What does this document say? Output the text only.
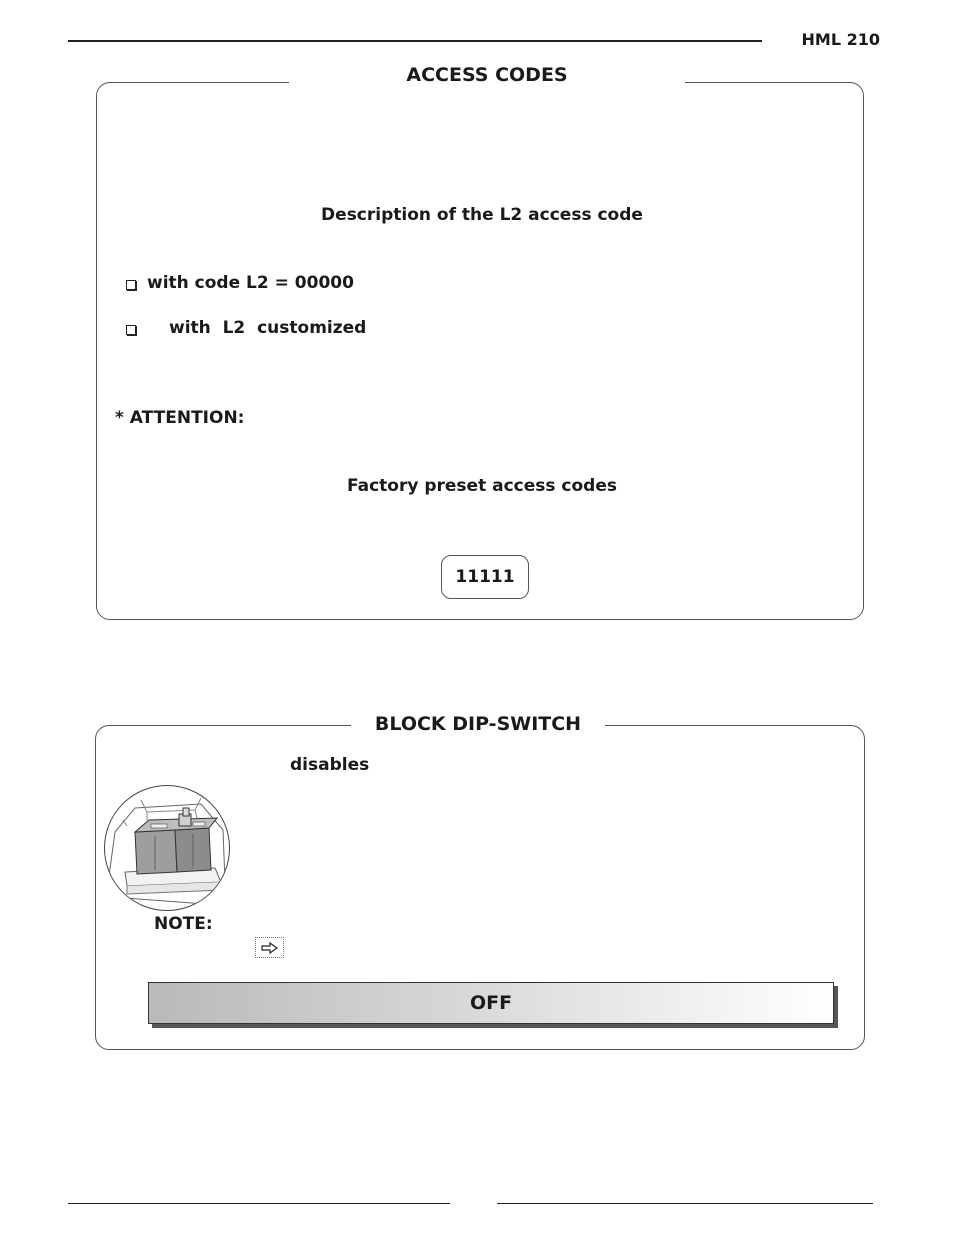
HML 210
ACCESS CODES
Description of the L2 access code
with code L2 = 00000
with  L2  customized
* ATTENTION:
Factory preset access codes
11111
BLOCK DIP-SWITCH
disables
NOTE:
OFF
